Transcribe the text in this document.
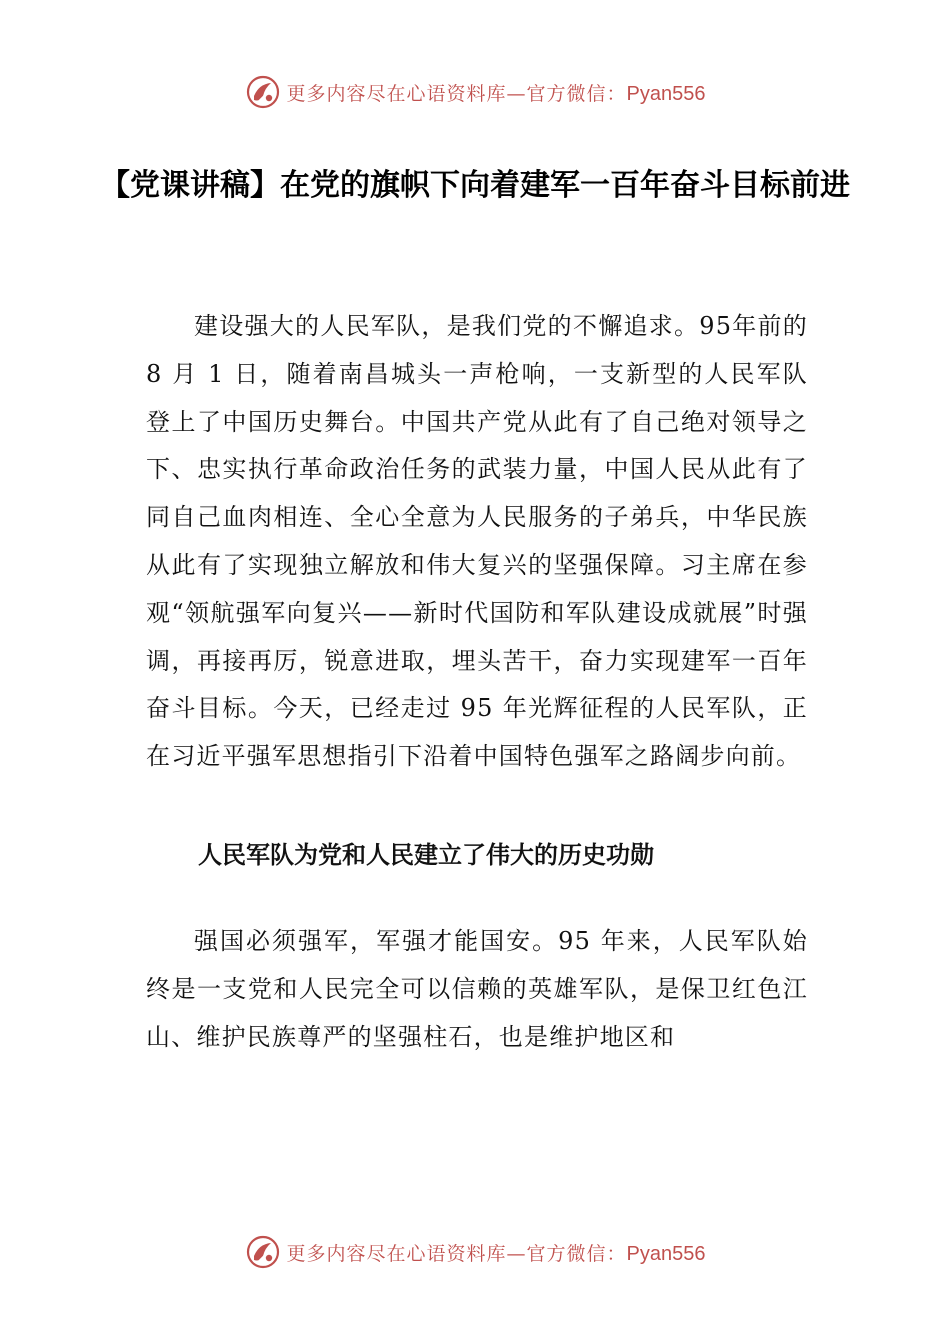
更多内容尽在心语资料库—官方微信：Pyan556
【党课讲稿】在党的旗帜下向着建军一百年奋斗目标前进

建设强大的人民军队，是我们党的不懈追求。95年前的 8 月 1 日，随着南昌城头一声枪响，一支新型的人民军队登上了中国历史舞台。中国共产党从此有了自己绝对领导之下、忠实执行革命政治任务的武装力量，中国人民从此有了同自己血肉相连、全心全意为人民服务的子弟兵，中华民族从此有了实现独立解放和伟大复兴的坚强保障。习主席在参观“领航强军向复兴——新时代国防和军队建设成就展”时强调，再接再厉，锐意进取，埋头苦干，奋力实现建军一百年奋斗目标。今天，已经走过 95 年光辉征程的人民军队，正在习近平强军思想指引下沿着中国特色强军之路阔步向前。

人民军队为党和人民建立了伟大的历史功勋

强国必须强军，军强才能国安。95 年来，人民军队始终是一支党和人民完全可以信赖的英雄军队，是保卫红色江山、维护民族尊严的坚强柱石，也是维护地区和

更多内容尽在心语资料库—官方微信：Pyan556
